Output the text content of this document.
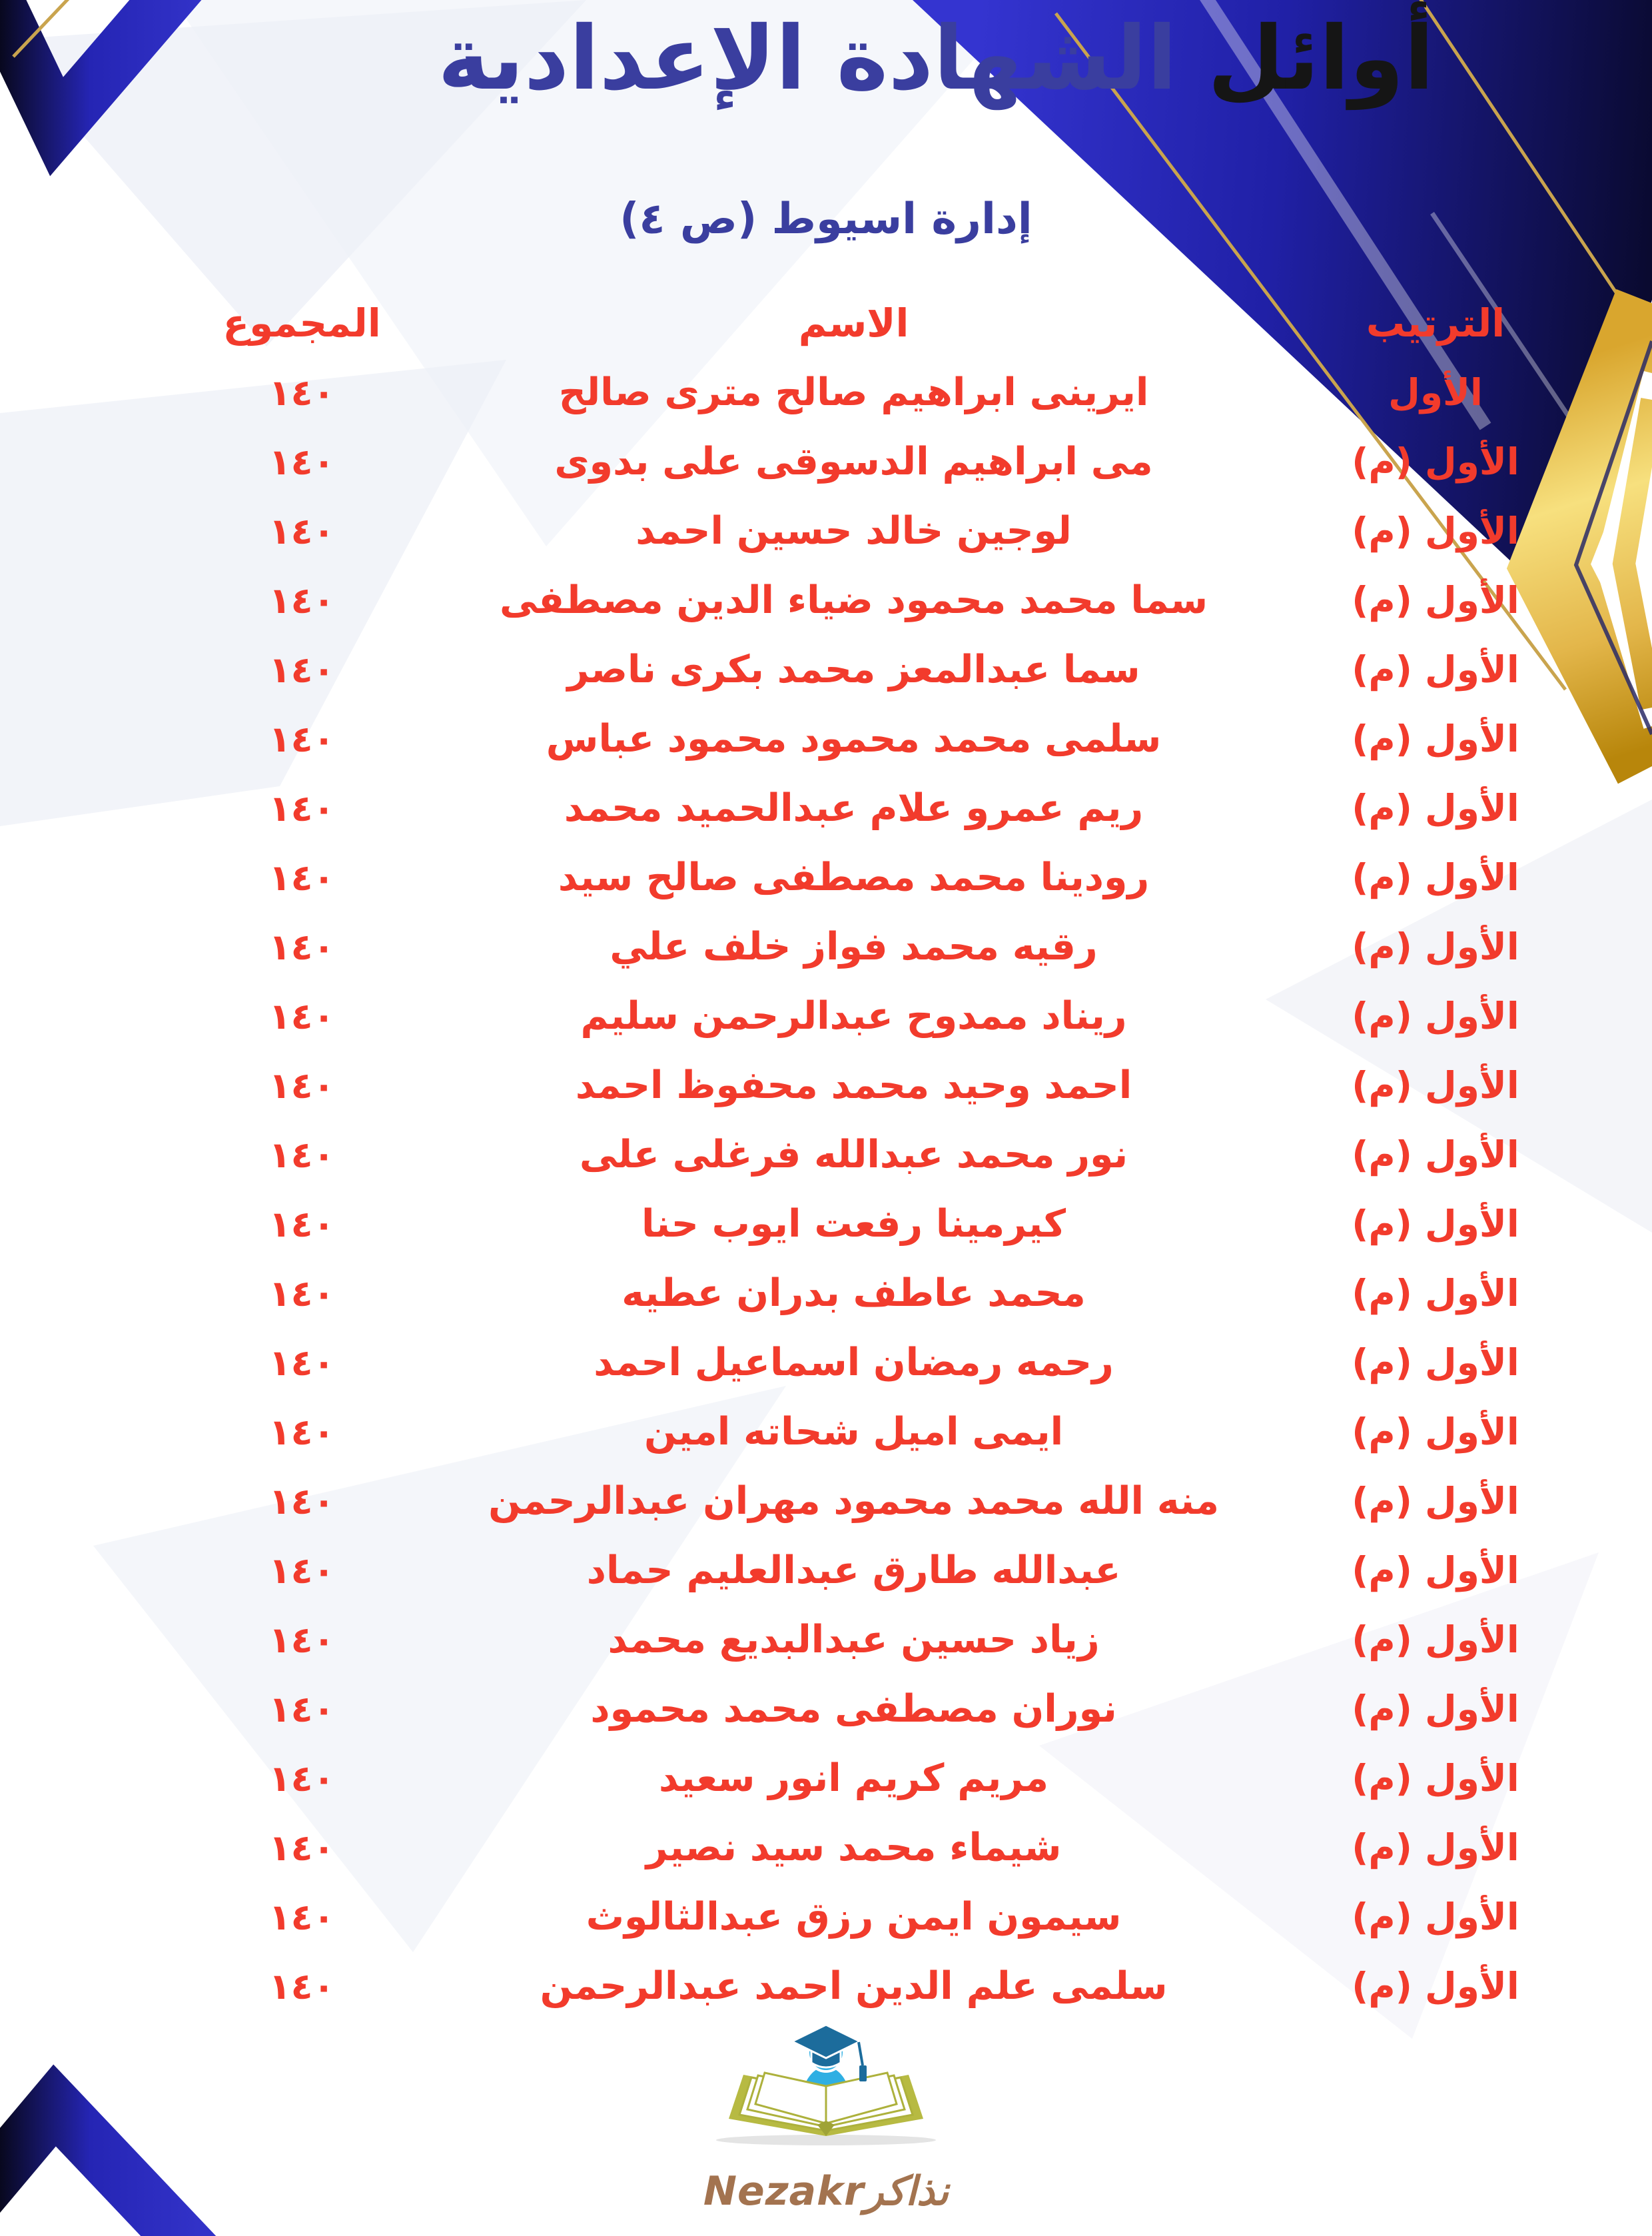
أوائل الشهادة الإعدادية
إدارة اسيوط (ص ٤)
الترتيب
الاسم
المجموع
الأول
ايرينى ابراهيم صالح مترى صالح
١٤٠
الأول (م)
مى ابراهيم الدسوقى على بدوى
١٤٠
الأول (م)
لوجين خالد حسين احمد
١٤٠
الأول (م)
سما محمد محمود ضياء الدين مصطفى
١٤٠
الأول (م)
سما عبدالمعز محمد بكرى ناصر
١٤٠
الأول (م)
سلمى محمد محمود محمود عباس
١٤٠
الأول (م)
ريم عمرو علام عبدالحميد محمد
١٤٠
الأول (م)
رودينا محمد مصطفى صالح سيد
١٤٠
الأول (م)
رقيه محمد فواز خلف علي
١٤٠
الأول (م)
ريناد ممدوح عبدالرحمن سليم
١٤٠
الأول (م)
احمد وحيد محمد محفوظ احمد
١٤٠
الأول (م)
نور محمد عبدالله فرغلى على
١٤٠
الأول (م)
كيرمينا رفعت ايوب حنا
١٤٠
الأول (م)
محمد عاطف بدران عطيه
١٤٠
الأول (م)
رحمه رمضان اسماعيل احمد
١٤٠
الأول (م)
ايمى اميل شحاته امين
١٤٠
الأول (م)
منه الله محمد محمود مهران عبدالرحمن
١٤٠
الأول (م)
عبدالله طارق عبدالعليم حماد
١٤٠
الأول (م)
زياد حسين عبدالبديع محمد
١٤٠
الأول (م)
نوران مصطفى محمد محمود
١٤٠
الأول (م)
مريم كريم انور سعيد
١٤٠
الأول (م)
شيماء محمد سيد نصير
١٤٠
الأول (م)
سيمون ايمن رزق عبدالثالوث
١٤٠
الأول (م)
سلمى علم الدين احمد عبدالرحمن
١٤٠
نذاكرNezakr
